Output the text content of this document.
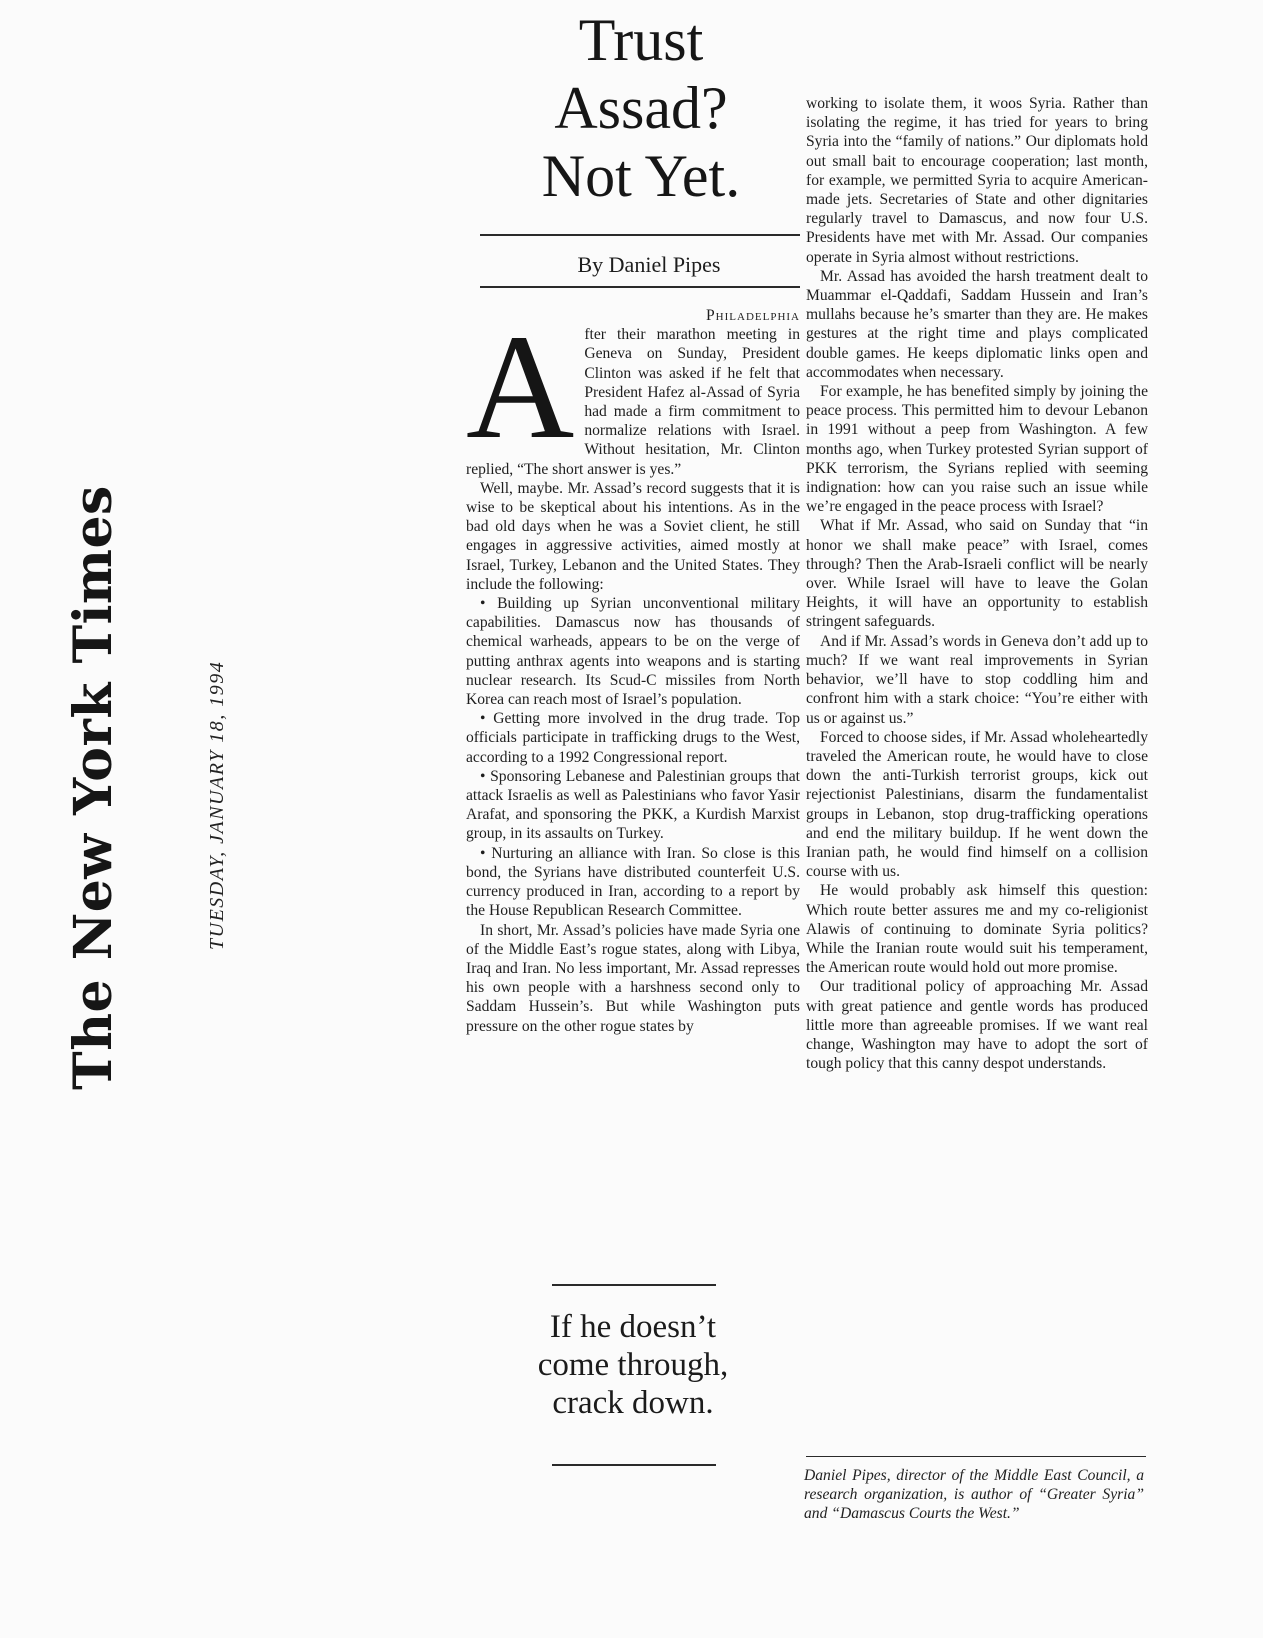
The New York Times	TUESDAY, JANUARY 18, 1994
Trust
Assad?
Not Yet.
By Daniel Pipes
Philadelphia

After their marathon meeting in Geneva on Sunday, President Clinton was asked if he felt that President Hafez al-Assad of Syria had made a firm commitment to normalize relations with Israel. Without hesitation, Mr. Clinton replied, “The short answer is yes.”

Well, maybe. Mr. Assad’s record suggests that it is wise to be skeptical about his intentions. As in the bad old days when he was a Soviet client, he still engages in aggressive activities, aimed mostly at Israel, Turkey, Lebanon and the United States. They include the following:

• Building up Syrian unconventional military capabilities. Damascus now has thousands of chemical warheads, appears to be on the verge of putting anthrax agents into weapons and is starting nuclear research. Its Scud-C missiles from North Korea can reach most of Israel’s population.

• Getting more involved in the drug trade. Top officials participate in trafficking drugs to the West, according to a 1992 Congressional report.

• Sponsoring Lebanese and Palestinian groups that attack Israelis as well as Palestinians who favor Yasir Arafat, and sponsoring the PKK, a Kurdish Marxist group, in its assaults on Turkey.

• Nurturing an alliance with Iran. So close is this bond, the Syrians have distributed counterfeit U.S. currency produced in Iran, according to a report by the House Republican Research Committee.

In short, Mr. Assad’s policies have made Syria one of the Middle East’s rogue states, along with Libya, Iraq and Iran. No less important, Mr. Assad represses his own people with a harshness second only to Saddam Hussein’s. But while Washington puts pressure on the other rogue states by

working to isolate them, it woos Syria. Rather than isolating the regime, it has tried for years to bring Syria into the “family of nations.” Our diplomats hold out small bait to encourage cooperation; last month, for example, we permitted Syria to acquire American-made jets. Secretaries of State and other dignitaries regularly travel to Damascus, and now four U.S. Presidents have met with Mr. Assad. Our companies operate in Syria almost without restrictions.

Mr. Assad has avoided the harsh treatment dealt to Muammar el-Qaddafi, Saddam Hussein and Iran’s mullahs because he’s smarter than they are. He makes gestures at the right time and plays complicated double games. He keeps diplomatic links open and accommodates when necessary.

For example, he has benefited simply by joining the peace process. This permitted him to devour Lebanon in 1991 without a peep from Washington. A few months ago, when Turkey protested Syrian support of PKK terrorism, the Syrians replied with seeming indignation: how can you raise such an issue while we’re engaged in the peace process with Israel?

What if Mr. Assad, who said on Sunday that “in honor we shall make peace” with Israel, comes through? Then the Arab-Israeli conflict will be nearly over. While Israel will have to leave the Golan Heights, it will have an opportunity to establish stringent safeguards.

And if Mr. Assad’s words in Geneva don’t add up to much? If we want real improvements in Syrian behavior, we’ll have to stop coddling him and confront him with a stark choice: “You’re either with us or against us.”

Forced to choose sides, if Mr. Assad wholeheartedly traveled the American route, he would have to close down the anti-Turkish terrorist groups, kick out rejectionist Palestinians, disarm the fundamentalist groups in Lebanon, stop drug-trafficking operations and end the military buildup. If he went down the Iranian path, he would find himself on a collision course with us.

He would probably ask himself this question: Which route better assures me and my co-religionist Alawis of continuing to dominate Syria politics? While the Iranian route would suit his temperament, the American route would hold out more promise.

Our traditional policy of approaching Mr. Assad with great patience and gentle words has produced little more than agreeable promises. If we want real change, Washington may have to adopt the sort of tough policy that this canny despot understands.

If he doesn’t
come through,
crack down.
Daniel Pipes, director of the Middle East Council, a research organization, is author of “Greater Syria” and “Damascus Courts the West.”
